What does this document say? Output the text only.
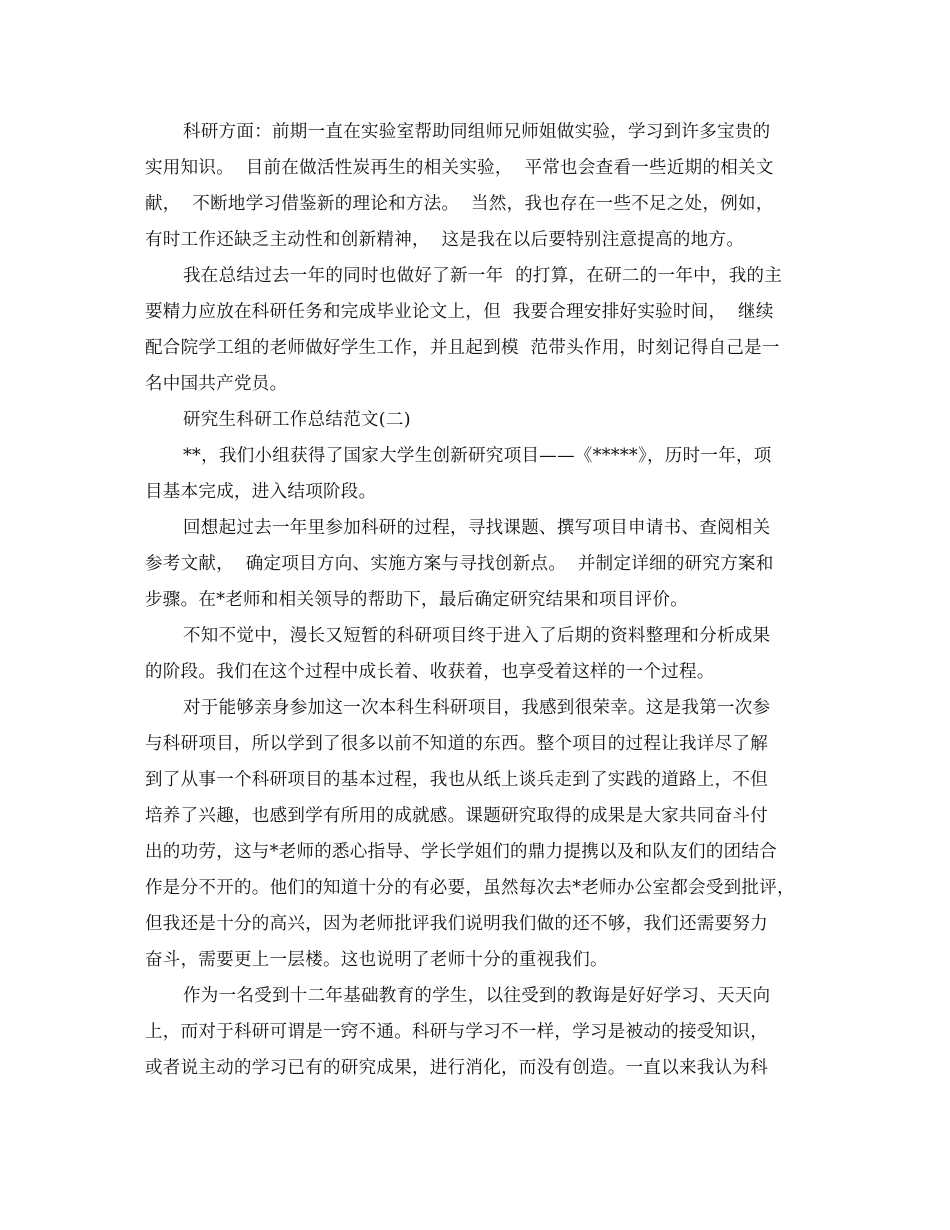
科研方面：前期一直在实验室帮助同组师兄师姐做实验，学习到许多宝贵的
实用知识。  目前在做活性炭再生的相关实验，  平常也会查看一些近期的相关文
献，  不断地学习借鉴新的理论和方法。  当然，我也存在一些不足之处，例如，
有时工作还缺乏主动性和创新精神，  这是我在以后要特别注意提高的地方。
我在总结过去一年的同时也做好了新一年  的打算，在研二的一年中，我的主
要精力应放在科研任务和完成毕业论文上，但  我要合理安排好实验时间，  继续
配合院学工组的老师做好学生工作，并且起到模  范带头作用，时刻记得自己是一
名中国共产党员。
研究生科研工作总结范文(二)
**，我们小组获得了国家大学生创新研究项目——《*****》，历时一年，项
目基本完成，进入结项阶段。
回想起过去一年里参加科研的过程，寻找课题、撰写项目申请书、查阅相关
参考文献，  确定项目方向、实施方案与寻找创新点。  并制定详细的研究方案和
步骤。在*老师和相关领导的帮助下，最后确定研究结果和项目评价。
不知不觉中，漫长又短暂的科研项目终于进入了后期的资料整理和分析成果
的阶段。我们在这个过程中成长着、收获着，也享受着这样的一个过程。
对于能够亲身参加这一次本科生科研项目，我感到很荣幸。这是我第一次参
与科研项目，所以学到了很多以前不知道的东西。整个项目的过程让我详尽了解
到了从事一个科研项目的基本过程，我也从纸上谈兵走到了实践的道路上，不但
培养了兴趣，也感到学有所用的成就感。课题研究取得的成果是大家共同奋斗付
出的功劳，这与*老师的悉心指导、学长学姐们的鼎力提携以及和队友们的团结合
作是分不开的。他们的知道十分的有必要，虽然每次去*老师办公室都会受到批评，
但我还是十分的高兴，因为老师批评我们说明我们做的还不够，我们还需要努力
奋斗，需要更上一层楼。这也说明了老师十分的重视我们。
作为一名受到十二年基础教育的学生，以往受到的教诲是好好学习、天天向
上，而对于科研可谓是一窍不通。科研与学习不一样，学习是被动的接受知识，
或者说主动的学习已有的研究成果，进行消化，而没有创造。一直以来我认为科
